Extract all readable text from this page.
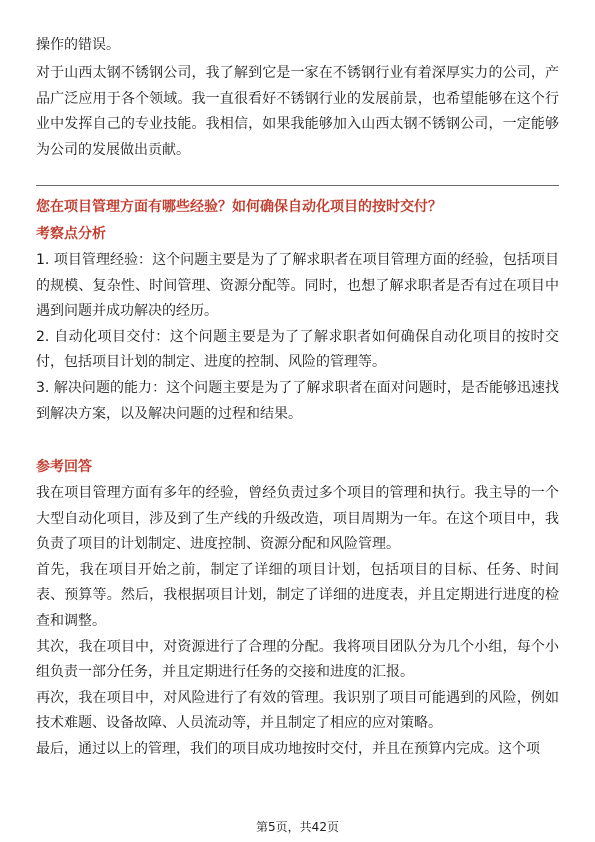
操作的错误。

对于山西太钢不锈钢公司，我了解到它是一家在不锈钢行业有着深厚实力的公司，产品广泛应用于各个领域。我一直很看好不锈钢行业的发展前景，也希望能够在这个行业中发挥自己的专业技能。我相信，如果我能够加入山西太钢不锈钢公司，一定能够为公司的发展做出贡献。

您在项目管理方面有哪些经验？如何确保自动化项目的按时交付？
考察点分析

1. 项目管理经验：这个问题主要是为了了解求职者在项目管理方面的经验，包括项目的规模、复杂性、时间管理、资源分配等。同时，也想了解求职者是否有过在项目中遇到问题并成功解决的经历。

2. 自动化项目交付：这个问题主要是为了了解求职者如何确保自动化项目的按时交付，包括项目计划的制定、进度的控制、风险的管理等。

3. 解决问题的能力：这个问题主要是为了了解求职者在面对问题时，是否能够迅速找到解决方案，以及解决问题的过程和结果。

参考回答

我在项目管理方面有多年的经验，曾经负责过多个项目的管理和执行。我主导的一个大型自动化项目，涉及到了生产线的升级改造，项目周期为一年。在这个项目中，我负责了项目的计划制定、进度控制、资源分配和风险管理。

首先，我在项目开始之前，制定了详细的项目计划，包括项目的目标、任务、时间表、预算等。然后，我根据项目计划，制定了详细的进度表，并且定期进行进度的检查和调整。

其次，我在项目中，对资源进行了合理的分配。我将项目团队分为几个小组，每个小组负责一部分任务，并且定期进行任务的交接和进度的汇报。

再次，我在项目中，对风险进行了有效的管理。我识别了项目可能遇到的风险，例如技术难题、设备故障、人员流动等，并且制定了相应的应对策略。

最后，通过以上的管理，我们的项目成功地按时交付，并且在预算内完成。这个项

第5页，共42页
